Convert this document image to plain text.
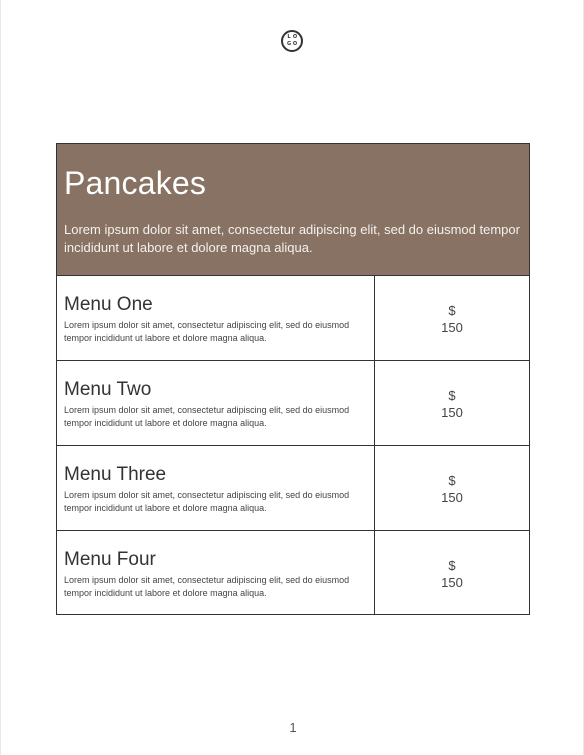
L O
G O
Pancakes

Lorem ipsum dolor sit amet, consectetur adipiscing elit, sed do eiusmod tempor incididunt ut labore et dolore magna aliqua.

Menu One
Lorem ipsum dolor sit amet, consectetur adipiscing elit, sed do eiusmod tempor incididunt ut labore et dolore magna aliqua.
$
150
Menu Two
Lorem ipsum dolor sit amet, consectetur adipiscing elit, sed do eiusmod tempor incididunt ut labore et dolore magna aliqua.
$
150
Menu Three
Lorem ipsum dolor sit amet, consectetur adipiscing elit, sed do eiusmod tempor incididunt ut labore et dolore magna aliqua.
$
150
Menu Four
Lorem ipsum dolor sit amet, consectetur adipiscing elit, sed do eiusmod tempor incididunt ut labore et dolore magna aliqua.
$
150
1
